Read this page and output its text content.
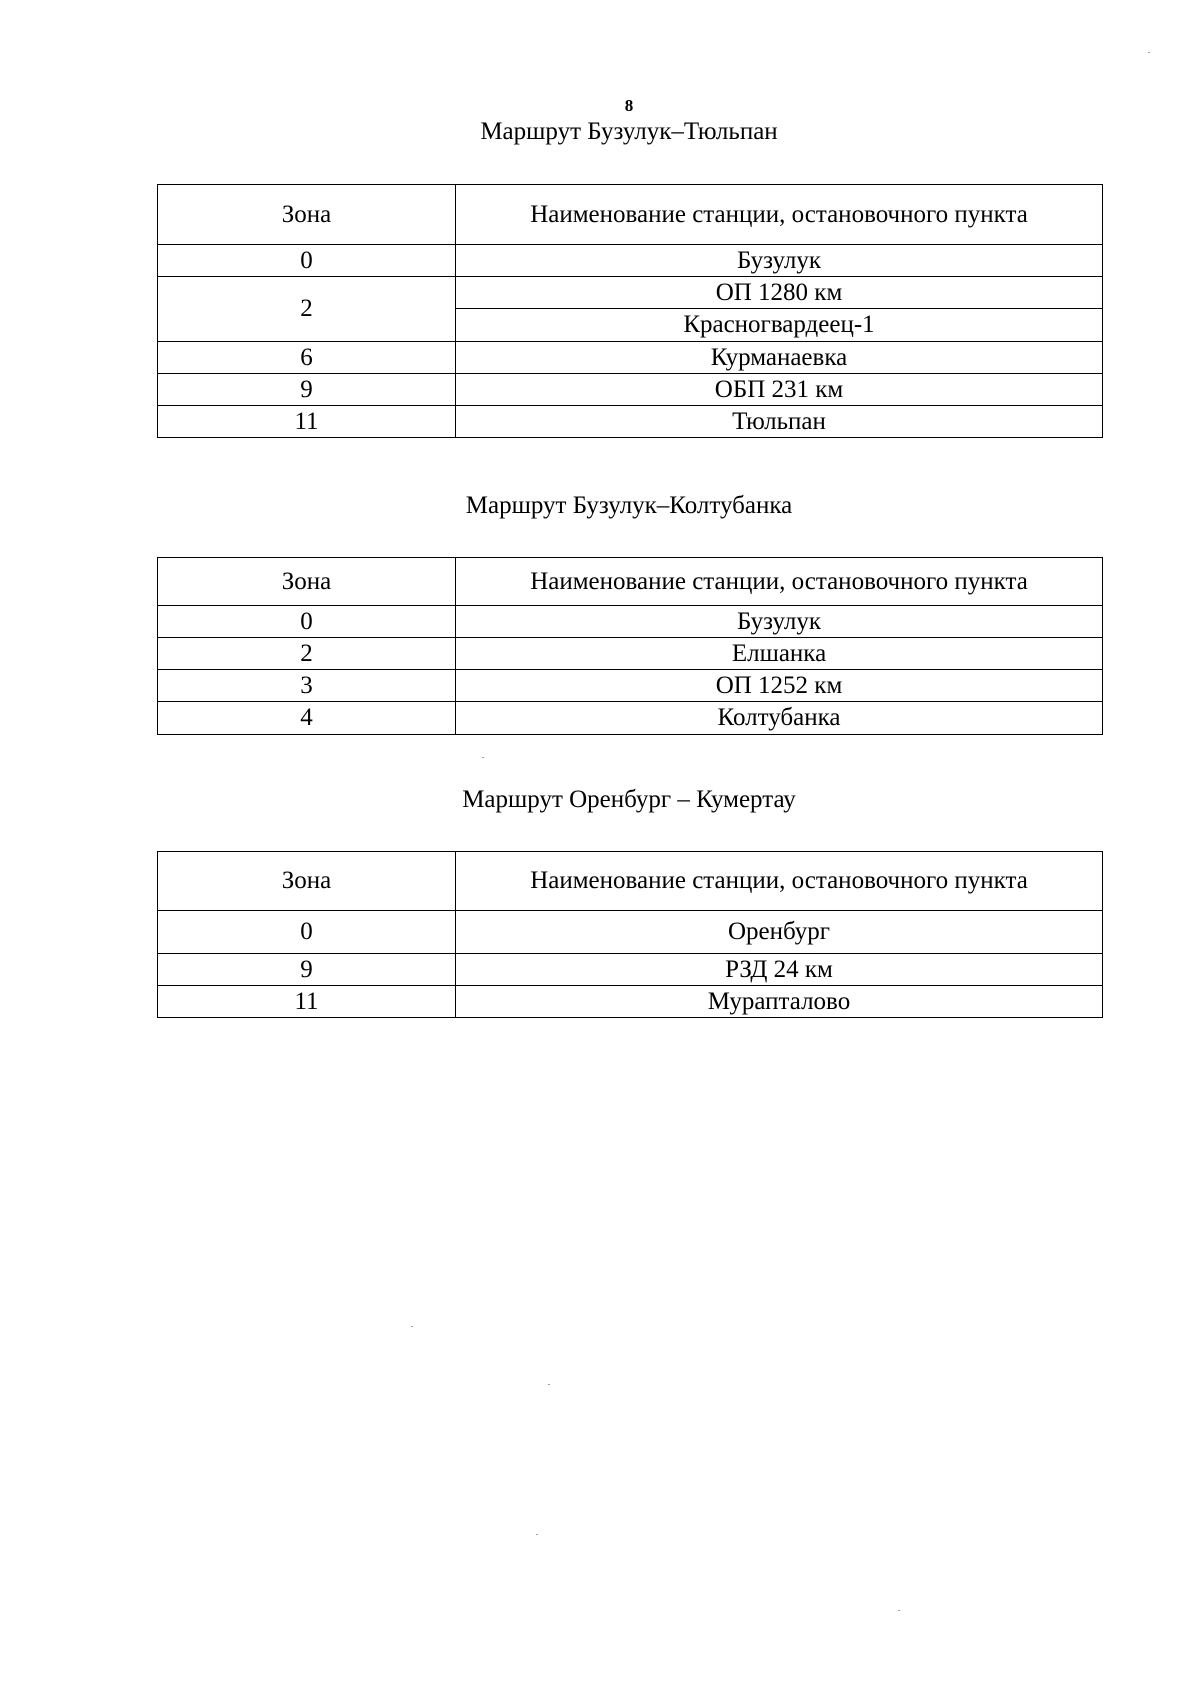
8
Маршрут Бузулук–Тюльпан
Зона	Наименование станции, остановочного пункта
0	Бузулук
2	ОП 1280 км
	Красногвардеец-1
6	Курманаевка
9	ОБП 231 км
11	Тюльпан
Маршрут Бузулук–Колтубанка
Зона	Наименование станции, остановочного пункта
0	Бузулук
2	Елшанка
3	ОП 1252 км
4	Колтубанка
Маршрут Оренбург – Кумертау
Зона	Наименование станции, остановочного пункта
0	Оренбург
9	РЗД 24 км
11	Мурапталово
